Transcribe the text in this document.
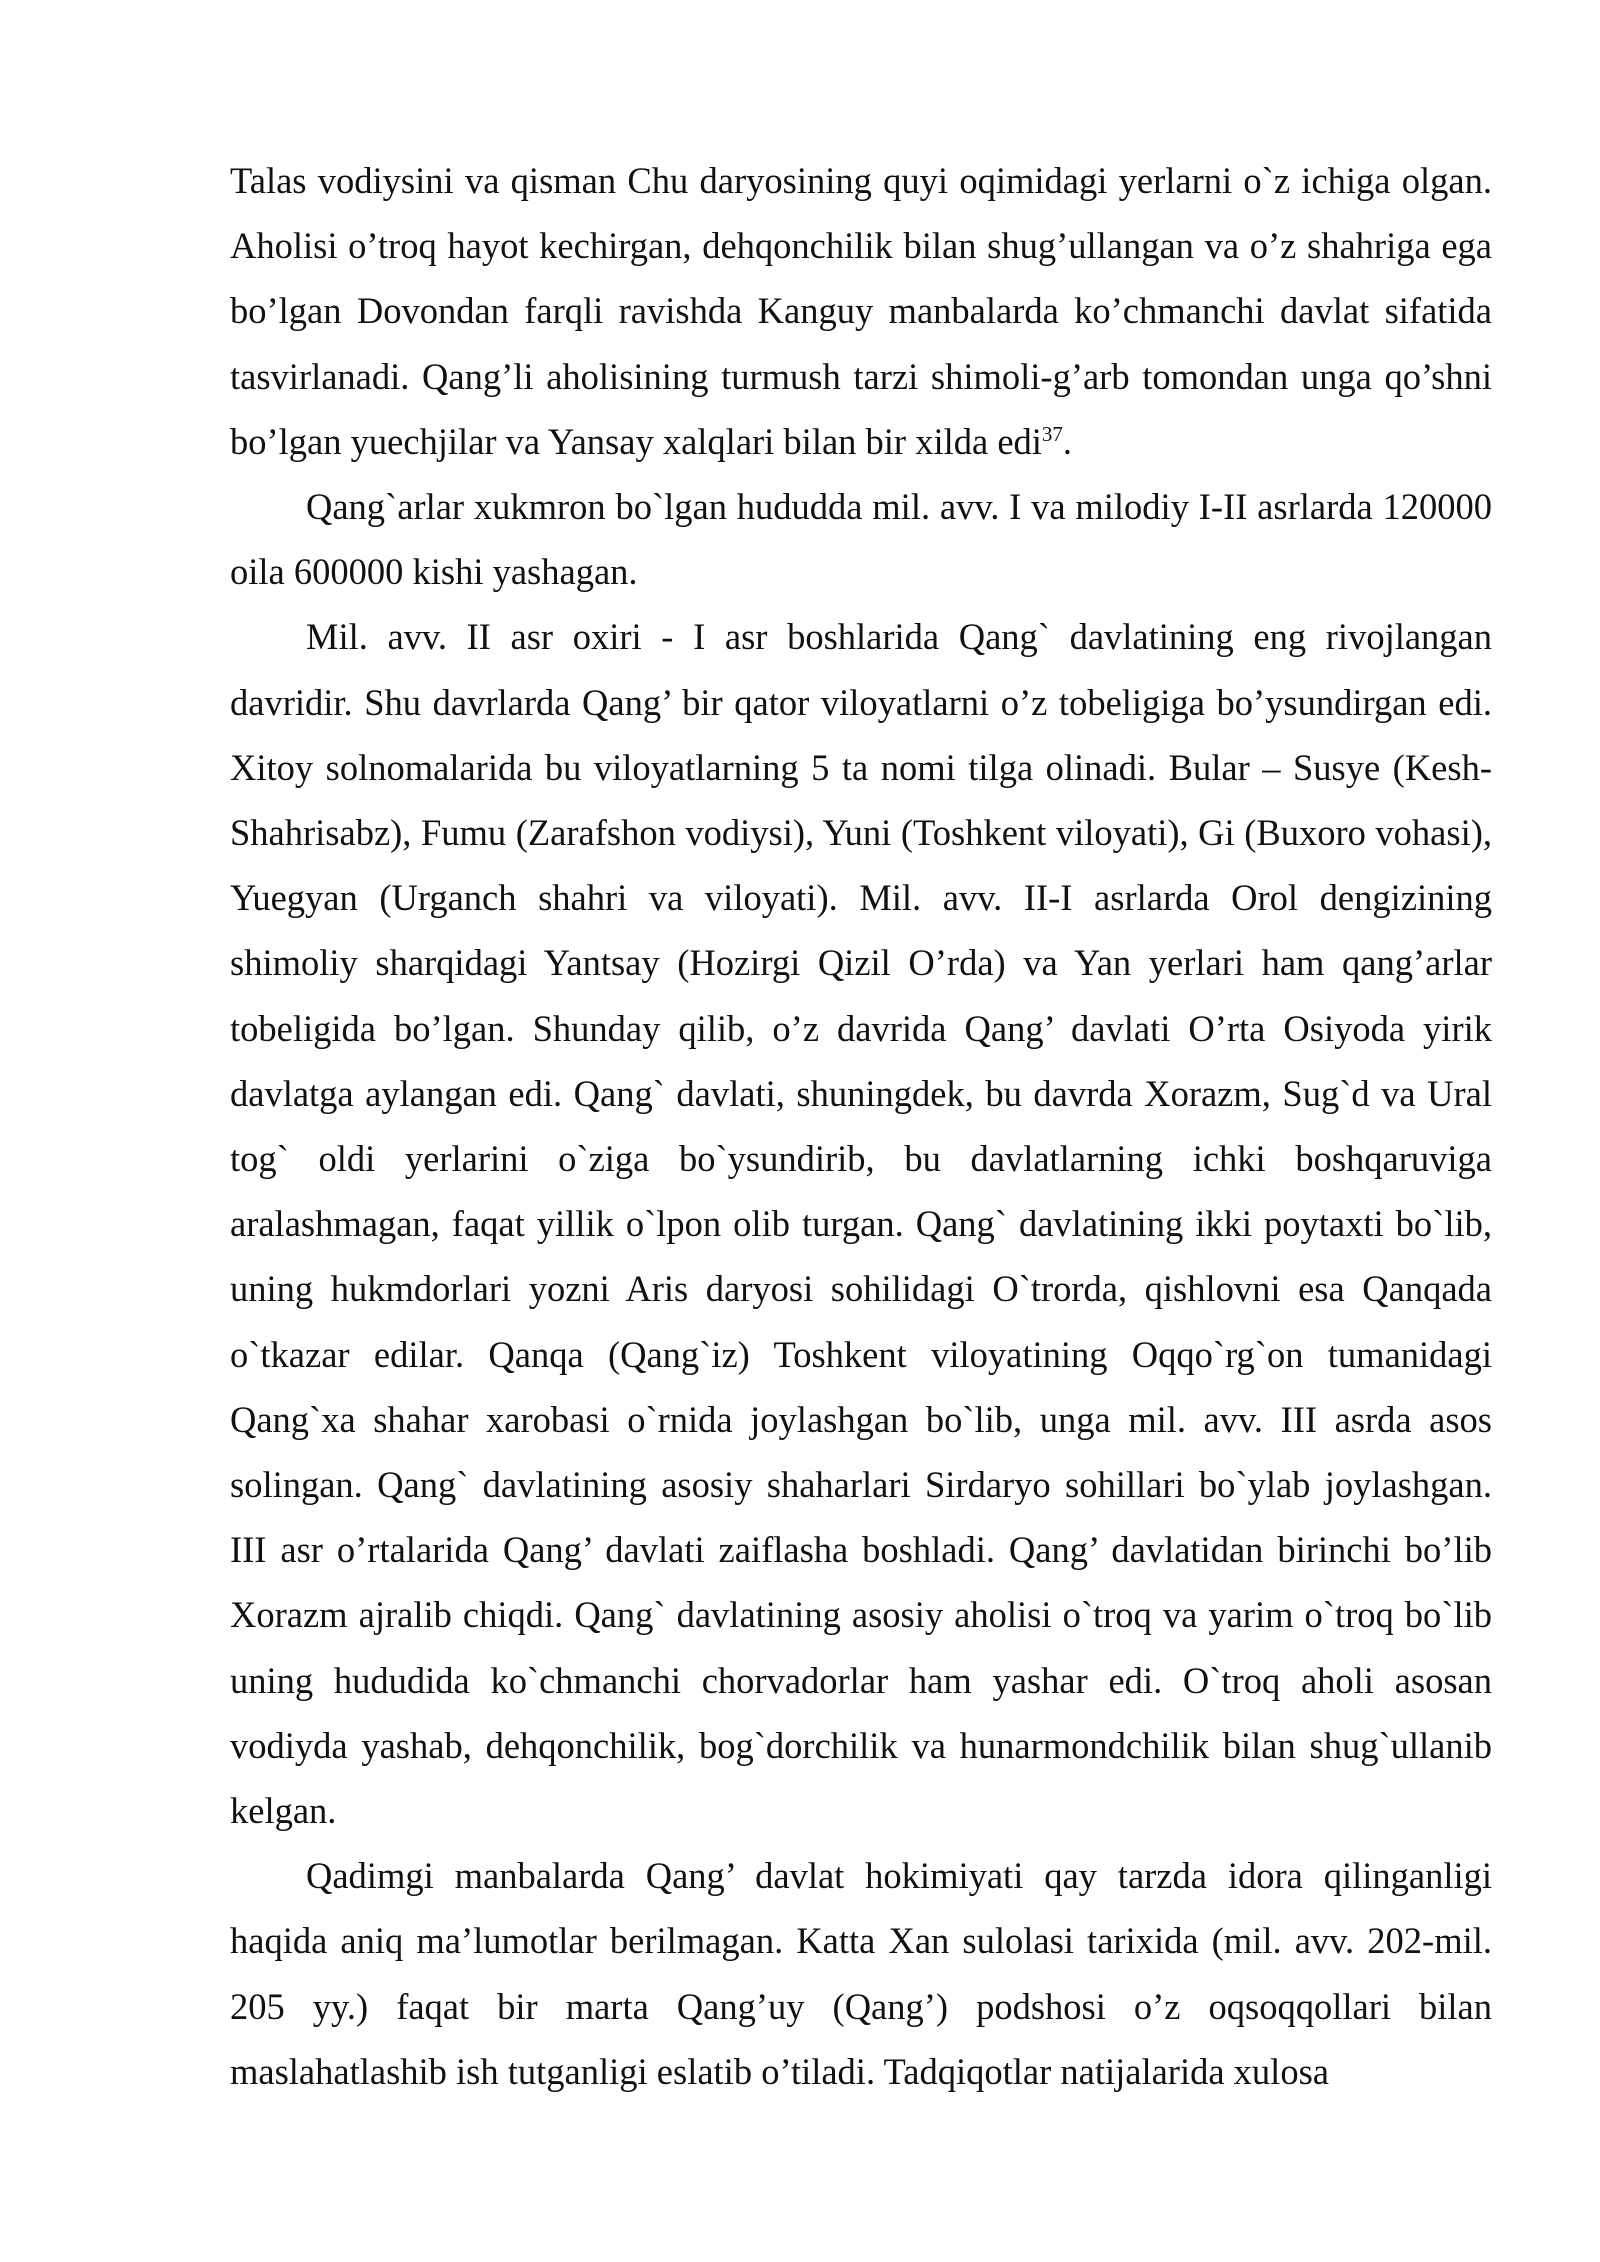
Talas vodiysini va qisman Chu daryosining quyi oqimidagi yerlarni o`z ichiga olgan. Aholisi o’troq hayot kechirgan, dehqonchilik bilan shug’ullangan va o’z shahriga ega bo’lgan Dovondan farqli ravishda Kanguy manbalarda ko’chmanchi davlat sifatida tasvirlanadi. Qang’li aholisining turmush tarzi shimoli-g’arb tomondan unga qo’shni bo’lgan yuechjilar va Yansay xalqlari bilan bir xilda edi$^{37}$.

Qang`arlar xukmron bo`lgan hududda mil. avv. I va milodiy I-II asrlarda 120000 oila 600000 kishi yashagan.

Mil. avv. II asr oxiri - I asr boshlarida Qang` davlatining eng rivojlangan davridir. Shu davrlarda Qang’ bir qator viloyatlarni o’z tobeligiga bo’ysundirgan edi. Xitoy solnomalarida bu viloyatlarning 5 ta nomi tilga olinadi. Bular – Susye (Kesh-Shahrisabz), Fumu (Zarafshon vodiysi), Yuni (Toshkent viloyati), Gi (Buxoro vohasi), Yuegyan (Urganch shahri va viloyati). Mil. avv. II-I asrlarda Orol dengizining shimoliy sharqidagi Yantsay (Hozirgi Qizil O’rda) va Yan yerlari ham qang’arlar tobeligida bo’lgan. Shunday qilib, o’z davrida Qang’ davlati O’rta Osiyoda yirik davlatga aylangan edi. Qang` davlati, shuningdek, bu davrda Xorazm, Sug`d va Ural tog` oldi yerlarini o`ziga bo`ysundirib, bu davlatlarning ichki boshqaruviga aralashmagan, faqat yillik o`lpon olib turgan. Qang` davlatining ikki poytaxti bo`lib, uning hukmdorlari yozni Aris daryosi sohilidagi O`trorda, qishlovni esa Qanqada o`tkazar edilar. Qanqa (Qang`iz) Toshkent viloyatining Oqqo`rg`on tumanidagi Qang`xa shahar xarobasi o`rnida joylashgan bo`lib, unga mil. avv. III asrda asos solingan. Qang` davlatining asosiy shaharlari Sirdaryo sohillari bo`ylab joylashgan. III asr o’rtalarida Qang’ davlati zaiflasha boshladi. Qang’ davlatidan birinchi bo’lib Xorazm ajralib chiqdi. Qang` davlatining asosiy aholisi o`troq va yarim o`troq bo`lib uning hududida ko`chmanchi chorvadorlar ham yashar edi. O`troq aholi asosan vodiyda yashab, dehqonchilik, bog`dorchilik va hunarmondchilik bilan shug`ullanib kelgan.

Qadimgi manbalarda Qang’ davlat hokimiyati qay tarzda idora qilinganligi haqida aniq ma’lumotlar berilmagan. Katta Xan sulolasi tarixida (mil. avv. 202-mil. 205 yy.) faqat bir marta Qang’uy (Qang’) podshosi o’z oqsoqqollari bilan maslahatlashib ish tutganligi eslatib o’tiladi. Tadqiqotlar natijalarida xulosa
